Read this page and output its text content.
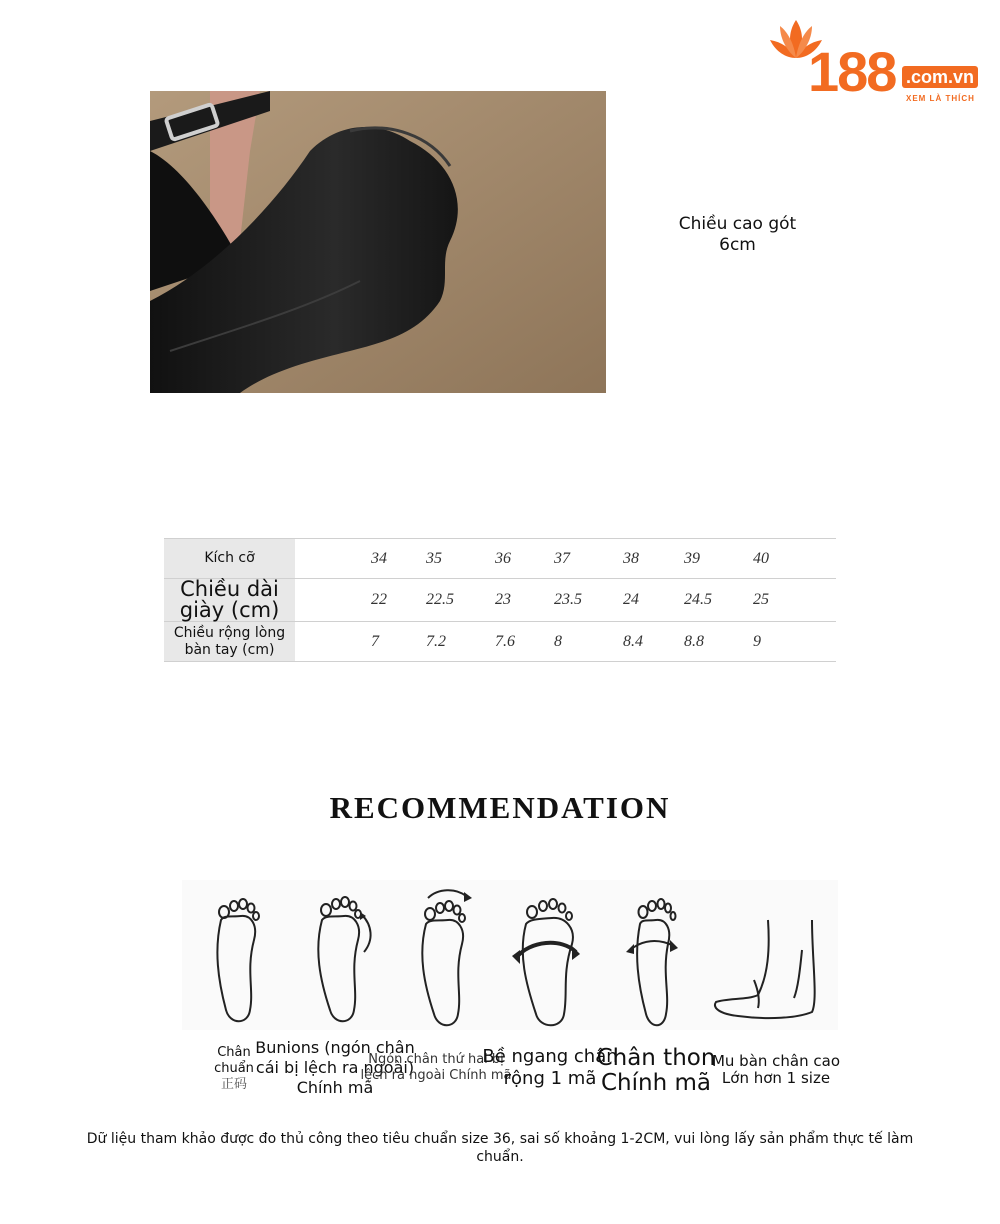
188 .com.vn
XEM LÀ THÍCH
Chiều cao gót
6cm
Kích cỡ		34	35	36	37	38	39	40
Chiều dài giày (cm)		22	22.5	23	23.5	24	24.5	25
Chiều rộng lòng bàn tay (cm)		7	7.2	7.6	8	8.4	8.8	9
RECOMMENDATION
Chân chuẩn
正码
Bunions (ngón chân cái bị lệch ra ngoài) Chính mã
Ngón chân thứ hai bị lệch ra ngoài Chính mã
Bề ngang chân rộng 1 mã
Chân thon Chính mã
Mu bàn chân cao Lớn hơn 1 size
Dữ liệu tham khảo được đo thủ công theo tiêu chuẩn size 36, sai số khoảng 1-2CM, vui lòng lấy sản phẩm thực tế làm chuẩn.
